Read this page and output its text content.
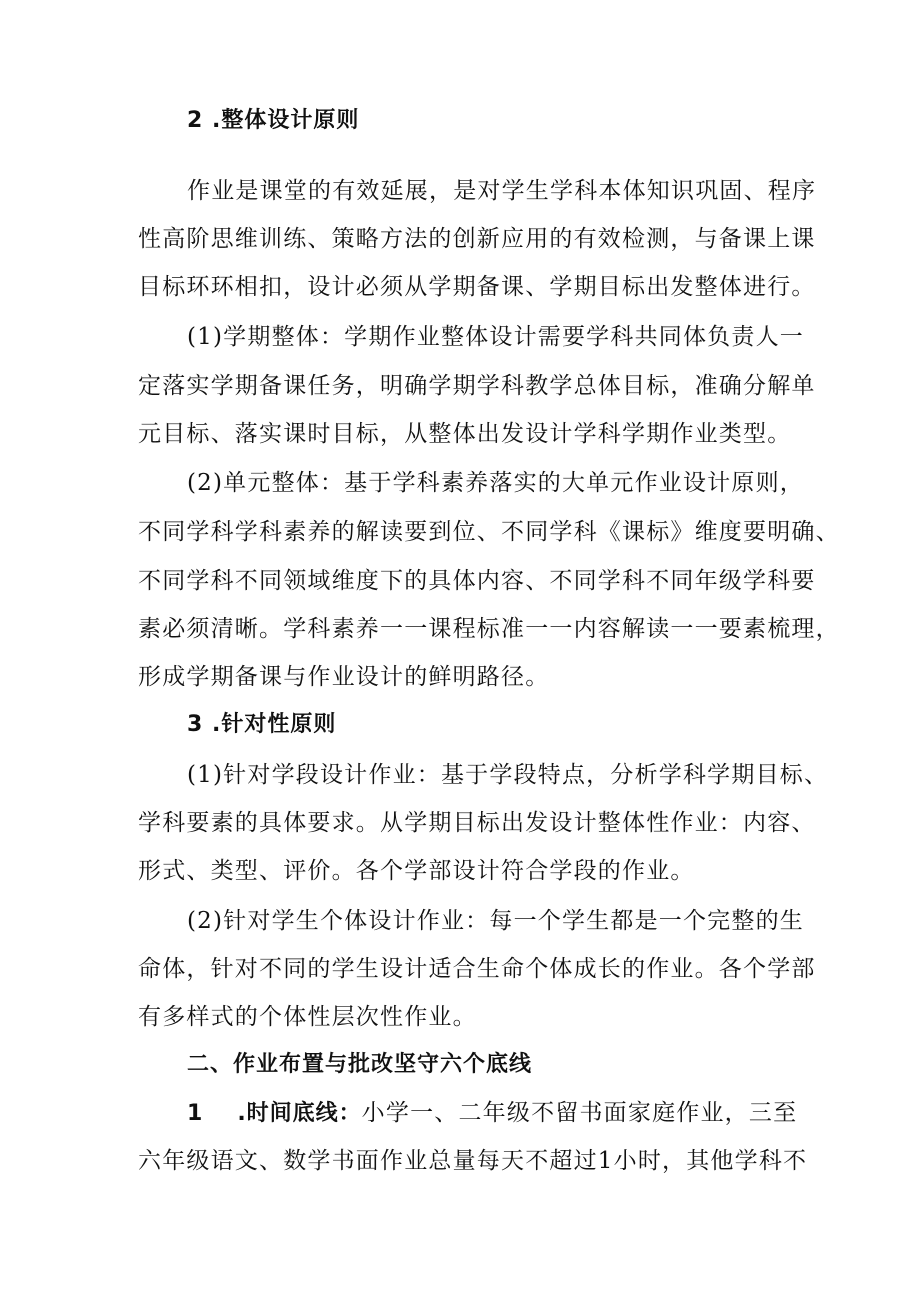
2 .整体设计原则
作业是课堂的有效延展，是对学生学科本体知识巩固、程序
性高阶思维训练、策略方法的创新应用的有效检测，与备课上课
目标环环相扣，设计必须从学期备课、学期目标出发整体进行。
(1)学期整体：学期作业整体设计需要学科共同体负责人一
定落实学期备课任务，明确学期学科教学总体目标，准确分解单
元目标、落实课时目标，从整体出发设计学科学期作业类型。
(2)单元整体：基于学科素养落实的大单元作业设计原则，
不同学科学科素养的解读要到位、不同学科《课标》维度要明确、
不同学科不同领域维度下的具体内容、不同学科不同年级学科要
素必须清晰。学科素养一一课程标准一一内容解读一一要素梳理，
形成学期备课与作业设计的鲜明路径。
3 .针对性原则
(1)针对学段设计作业：基于学段特点，分析学科学期目标、
学科要素的具体要求。从学期目标出发设计整体性作业：内容、
形式、类型、评价。各个学部设计符合学段的作业。
(2)针对学生个体设计作业：每一个学生都是一个完整的生
命体，针对不同的学生设计适合生命个体成长的作业。各个学部
有多样式的个体性层次性作业。
二、作业布置与批改坚守六个底线
1 .时间底线：小学一、二年级不留书面家庭作业，三至
六年级语文、数学书面作业总量每天不超过1小时，其他学科不
